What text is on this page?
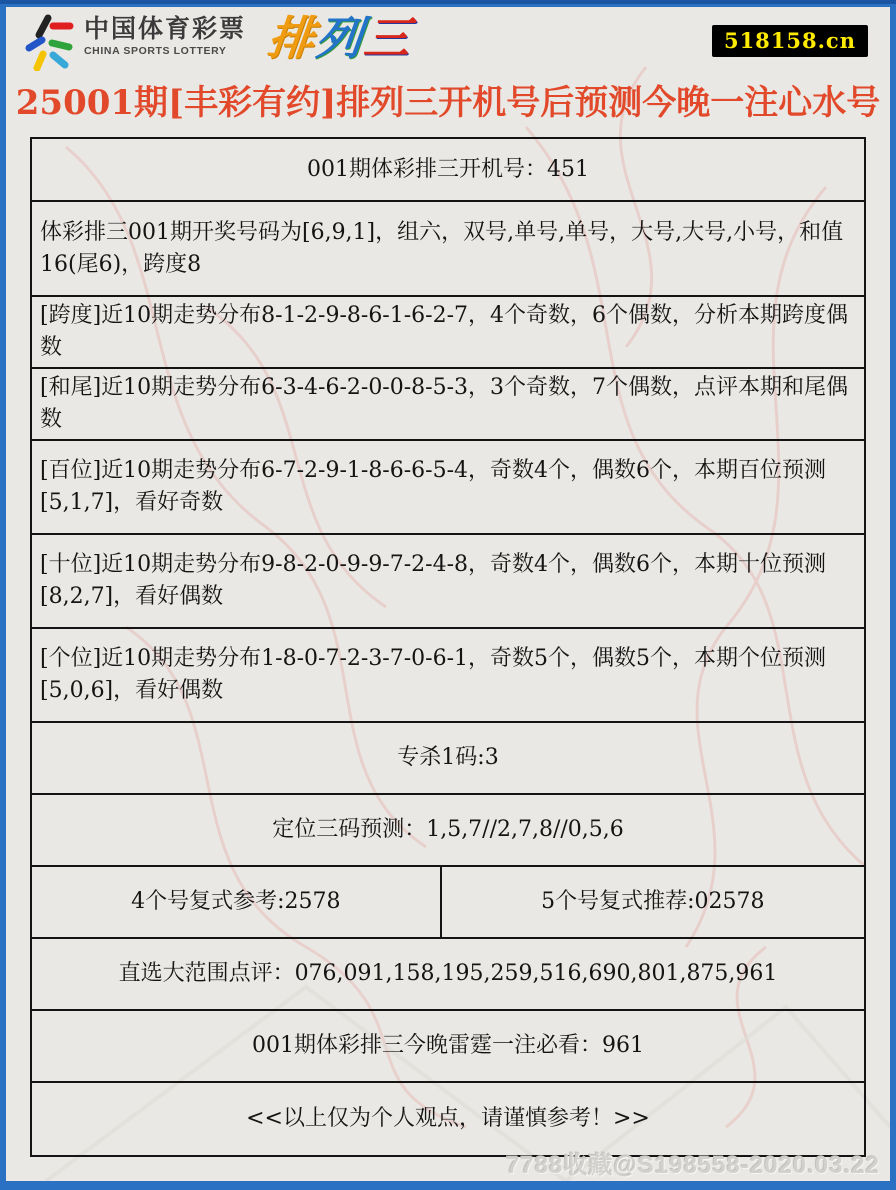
中国体育彩票
CHINA SPORTS LOTTERY 排列三	518158.cn
25001期[丰彩有约]排列三开机号后预测今晚一注心水号
001期体彩排三开机号：451
体彩排三001期开奖号码为[6,9,1]，组六，双号,单号,单号，大号,大号,小号，和值16(尾6)，跨度8
[跨度]近10期走势分布8-1-2-9-8-6-1-6-2-7，4个奇数，6个偶数，分析本期跨度偶数
[和尾]近10期走势分布6-3-4-6-2-0-0-8-5-3，3个奇数，7个偶数，点评本期和尾偶数
[百位]近10期走势分布6-7-2-9-1-8-6-6-5-4，奇数4个，偶数6个，本期百位预测[5,1,7]，看好奇数
[十位]近10期走势分布9-8-2-0-9-9-7-2-4-8，奇数4个，偶数6个，本期十位预测[8,2,7]，看好偶数
[个位]近10期走势分布1-8-0-7-2-3-7-0-6-1，奇数5个，偶数5个，本期个位预测[5,0,6]，看好偶数
专杀1码:3
定位三码预测：1,5,7//2,7,8//0,5,6
4个号复式参考:2578	5个号复式推荐:02578
直选大范围点评：076,091,158,195,259,516,690,801,875,961
001期体彩排三今晚雷霆一注必看：961
<<以上仅为个人观点，请谨慎参考！>>
7788收藏@S198558-2020.03.22
